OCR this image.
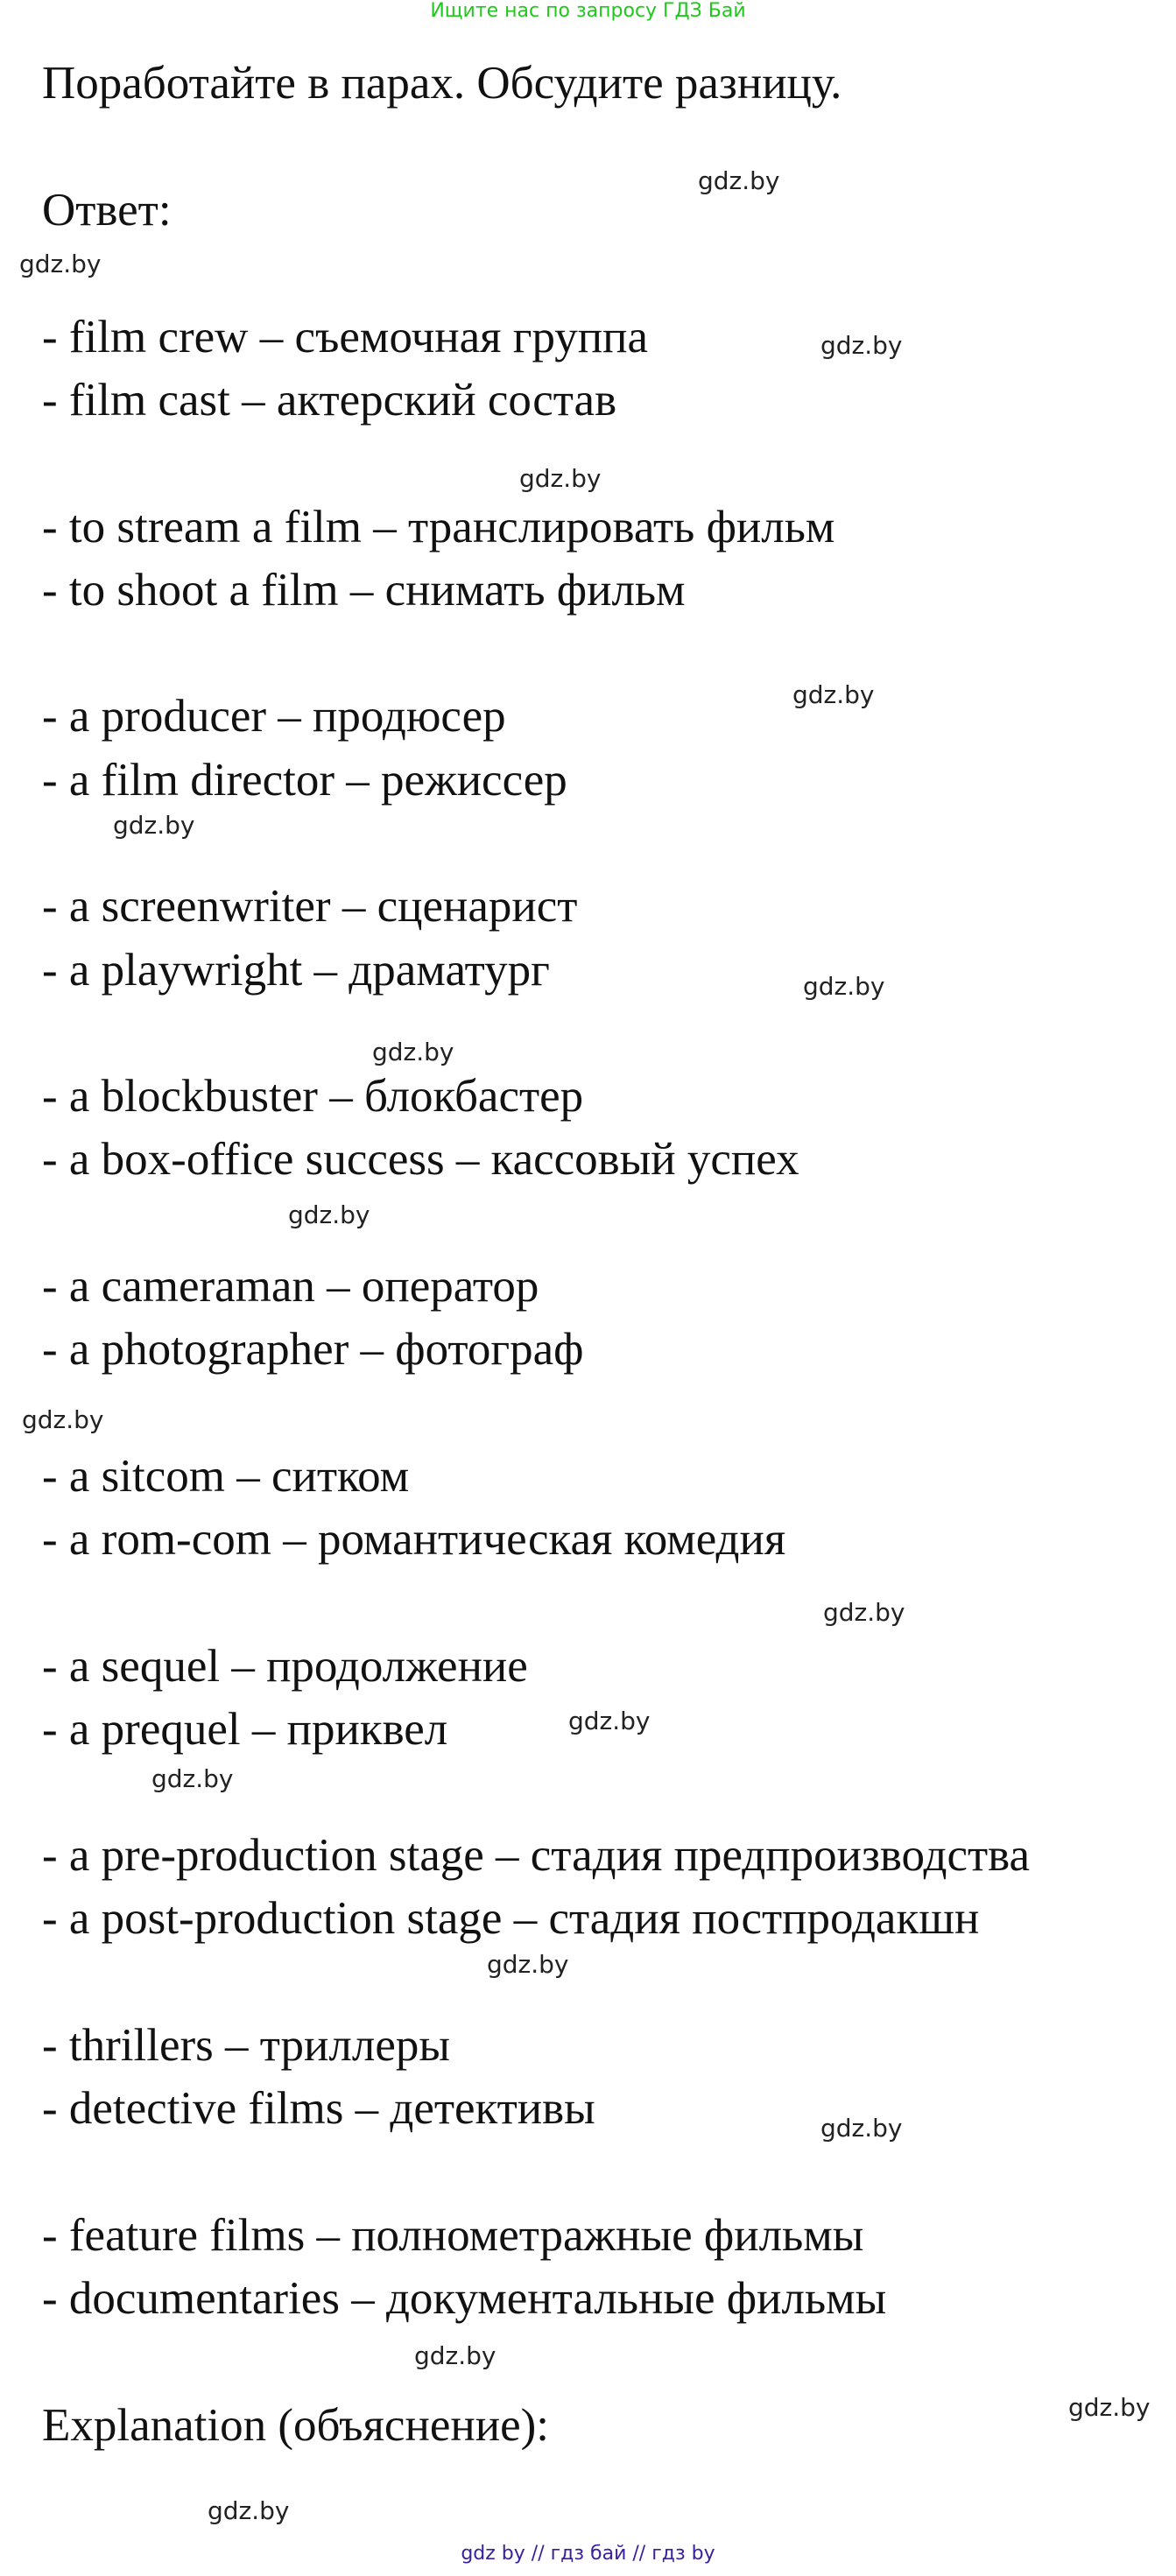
Ищите нас по запросу ГДЗ Бай
Поработайте в парах. Обсудите разницу.
Ответ:
- film crew – съемочная группа
- film cast – актерский состав
- to stream a film – транслировать фильм
- to shoot a film – снимать фильм
- a producer – продюсер
- a film director – режиссер
- a screenwriter – сценарист
- a playwright – драматург
- a blockbuster – блокбастер
- a box-office success – кассовый успех
- a cameraman – оператор
- a photographer – фотограф
- a sitcom – ситком
- a rom-com – романтическая комедия
- a sequel – продолжение
- a prequel – приквел
- a pre-production stage – стадия предпроизводства
- a post-production stage – стадия постпродакшн
- thrillers – триллеры
- detective films – детективы
- feature films – полнометражные фильмы
- documentaries – документальные фильмы
Explanation (объяснение):
gdz.by
gdz.by
gdz.by
gdz.by
gdz.by
gdz.by
gdz.by
gdz.by
gdz.by
gdz.by
gdz.by
gdz.by
gdz.by
gdz.by
gdz.by
gdz.by
gdz.by
gdz.by
gdz by // гдз бай // гдз by
